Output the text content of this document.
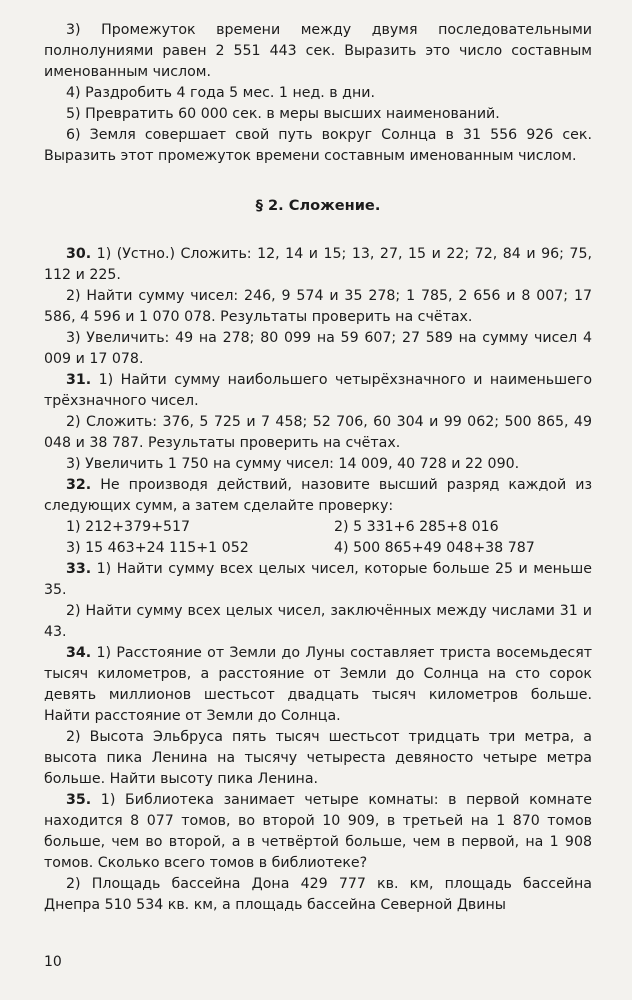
3) Промежуток времени между двумя последовательными полнолуниями равен 2 551 443 сек. Выразить это число составным именованным числом.

4) Раздробить 4 года 5 мес. 1 нед. в дни.

5) Превратить 60 000 сек. в меры высших наименований.

6) Земля совершает свой путь вокруг Солнца в 31 556 926 сек. Выразить этот промежуток времени составным именованным числом.

§ 2. Сложение.

30. 1) (Устно.) Сложить: 12, 14 и 15; 13, 27, 15 и 22; 72, 84 и 96; 75, 112 и 225.

2) Найти сумму чисел: 246, 9 574 и 35 278; 1 785, 2 656 и 8 007; 17 586, 4 596 и 1 070 078. Результаты проверить на счётах.

3) Увеличить: 49 на 278; 80 099 на 59 607; 27 589 на сумму чисел 4 009 и 17 078.

31. 1) Найти сумму наибольшего четырёхзначного и наименьшего трёхзначного чисел.

2) Сложить: 376, 5 725 и 7 458; 52 706, 60 304 и 99 062; 500 865, 49 048 и 38 787. Результаты проверить на счётах.

3) Увеличить 1 750 на сумму чисел: 14 009, 40 728 и 22 090.

32. Не производя действий, назовите высший разряд каждой из следующих сумм, а затем сделайте проверку:

1) 212+379+517	2) 5 331+6 285+8 016
3) 15 463+24 115+1 052	4) 500 865+49 048+38 787

33. 1) Найти сумму всех целых чисел, которые больше 25 и меньше 35.

2) Найти сумму всех целых чисел, заключённых между числами 31 и 43.

34. 1) Расстояние от Земли до Луны составляет триста восемьдесят тысяч километров, а расстояние от Земли до Солнца на сто сорок девять миллионов шестьсот двадцать тысяч километров больше. Найти расстояние от Земли до Солнца.

2) Высота Эльбруса пять тысяч шестьсот тридцать три метра, а высота пика Ленина на тысячу четыреста девяносто четыре метра больше. Найти высоту пика Ленина.

35. 1) Библиотека занимает четыре комнаты: в первой комнате находится 8 077 томов, во второй 10 909, в третьей на 1 870 томов больше, чем во второй, а в четвёртой больше, чем в первой, на 1 908 томов. Сколько всего томов в библиотеке?

2) Площадь бассейна Дона 429 777 кв. км, площадь бассейна Днепра 510 534 кв. км, а площадь бассейна Северной Двины

10
